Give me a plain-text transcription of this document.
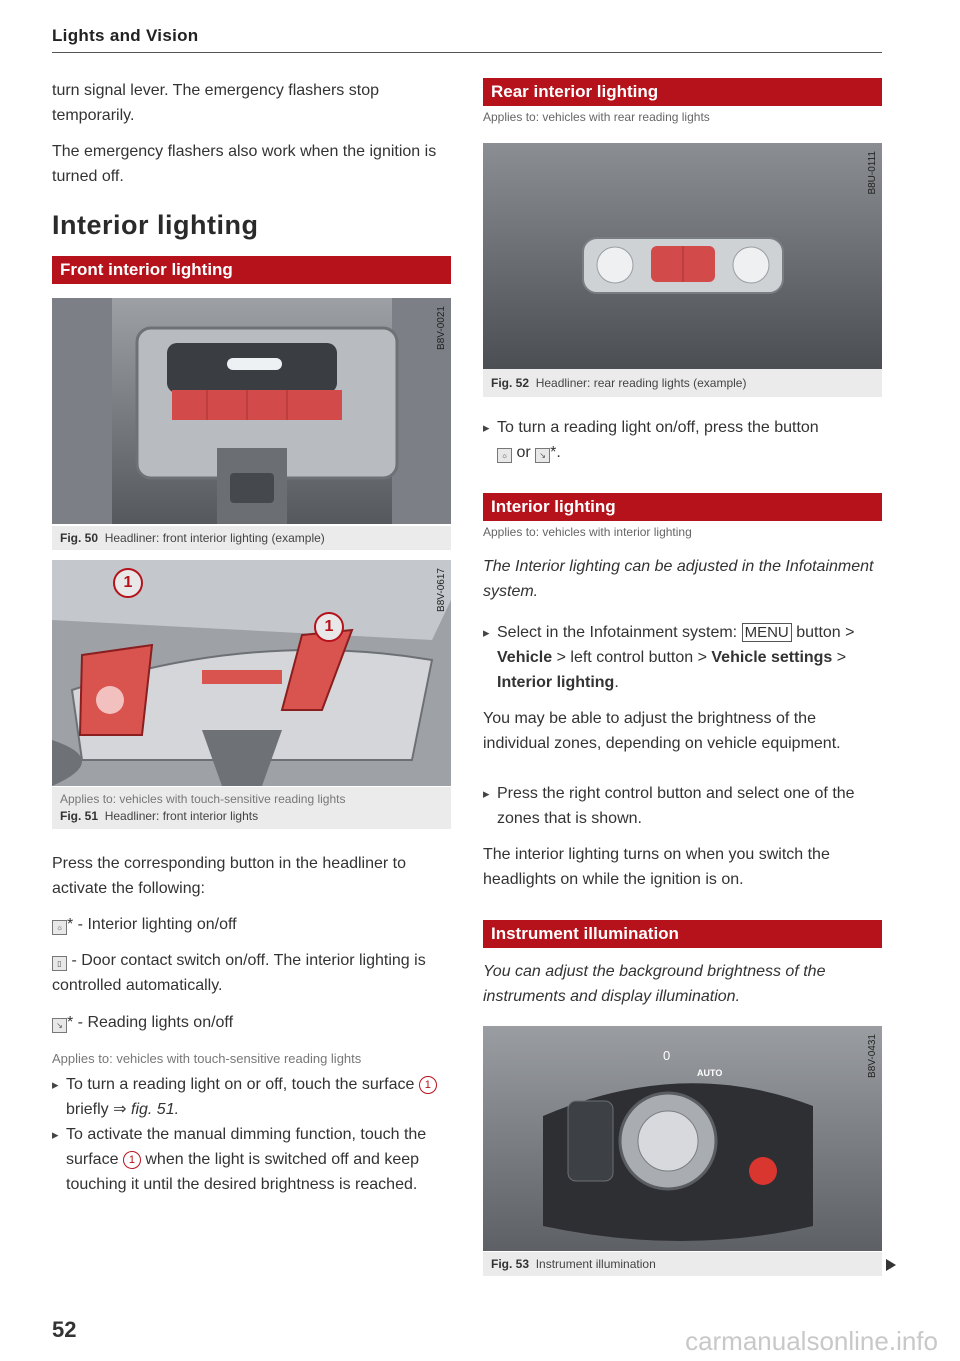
Lights and Vision

turn signal lever. The emergency flashers stop temporarily.

The emergency flashers also work when the ignition is turned off.

Interior lighting
Front interior lighting
B8V-0021
Fig. 50 Headliner: front interior lighting (example)
1
1
B8V-0617
Applies to: vehicles with touch-sensitive reading lights
Fig. 51 Headliner: front interior lights

Press the corresponding button in the headliner to activate the following:

☼ * - Interior lighting on/off

▯ - Door contact switch on/off. The interior lighting is controlled automatically.

↘ * - Reading lights on/off

Applies to: vehicles with touch-sensitive reading lights

▸ To turn a reading light on or off, touch the surface 1 briefly ⇒ fig. 51.

▸ To activate the manual dimming function, touch the surface 1 when the light is switched off and keep touching it until the desired brightness is reached.

Rear interior lighting

Applies to: vehicles with rear reading lights

B8U-0111
Fig. 52 Headliner: rear reading lights (example)

▸ To turn a reading light on/off, press the button
☼ or ↘ *.

Interior lighting

Applies to: vehicles with interior lighting

The Interior lighting can be adjusted in the Infotainment system.

▸ Select in the Infotainment system: MENU button > Vehicle > left control button > Vehicle settings > Interior lighting.

You may be able to adjust the brightness of the individual zones, depending on vehicle equipment.

▸ Press the right control button and select one of the zones that is shown.

The interior lighting turns on when you switch the headlights on while the ignition is on.

Instrument illumination

You can adjust the background brightness of the instruments and display illumination.

0
AUTO	B8V-0431
Fig. 53 Instrument illumination
52	carmanualsonline.info
